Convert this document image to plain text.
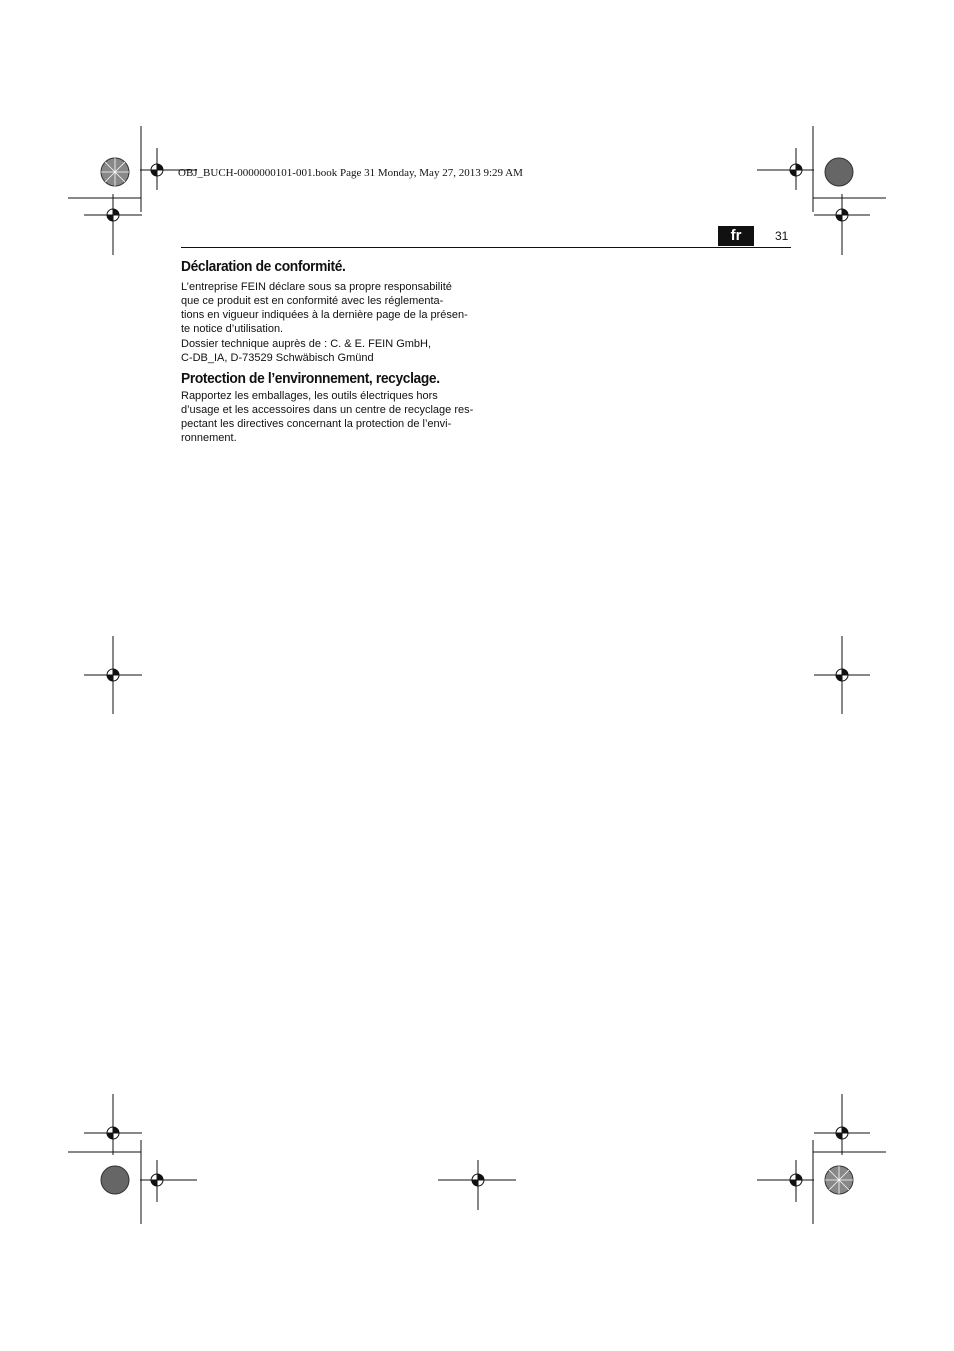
OBJ_BUCH-0000000101-001.book Page 31 Monday, May 27, 2013 9:29 AM
fr	31
Déclaration de conformité.

L’entreprise FEIN déclare sous sa propre responsabilité
que ce produit est en conformité avec les réglementa-
tions en vigueur indiquées à la dernière page de la présen-
te notice d’utilisation.

Dossier technique auprès de : C. & E. FEIN GmbH,
C-DB_IA, D-73529 Schwäbisch Gmünd

Protection de l’environnement, recyclage.

Rapportez les emballages, les outils électriques hors
d’usage et les accessoires dans un centre de recyclage res-
pectant les directives concernant la protection de l’envi-
ronnement.
